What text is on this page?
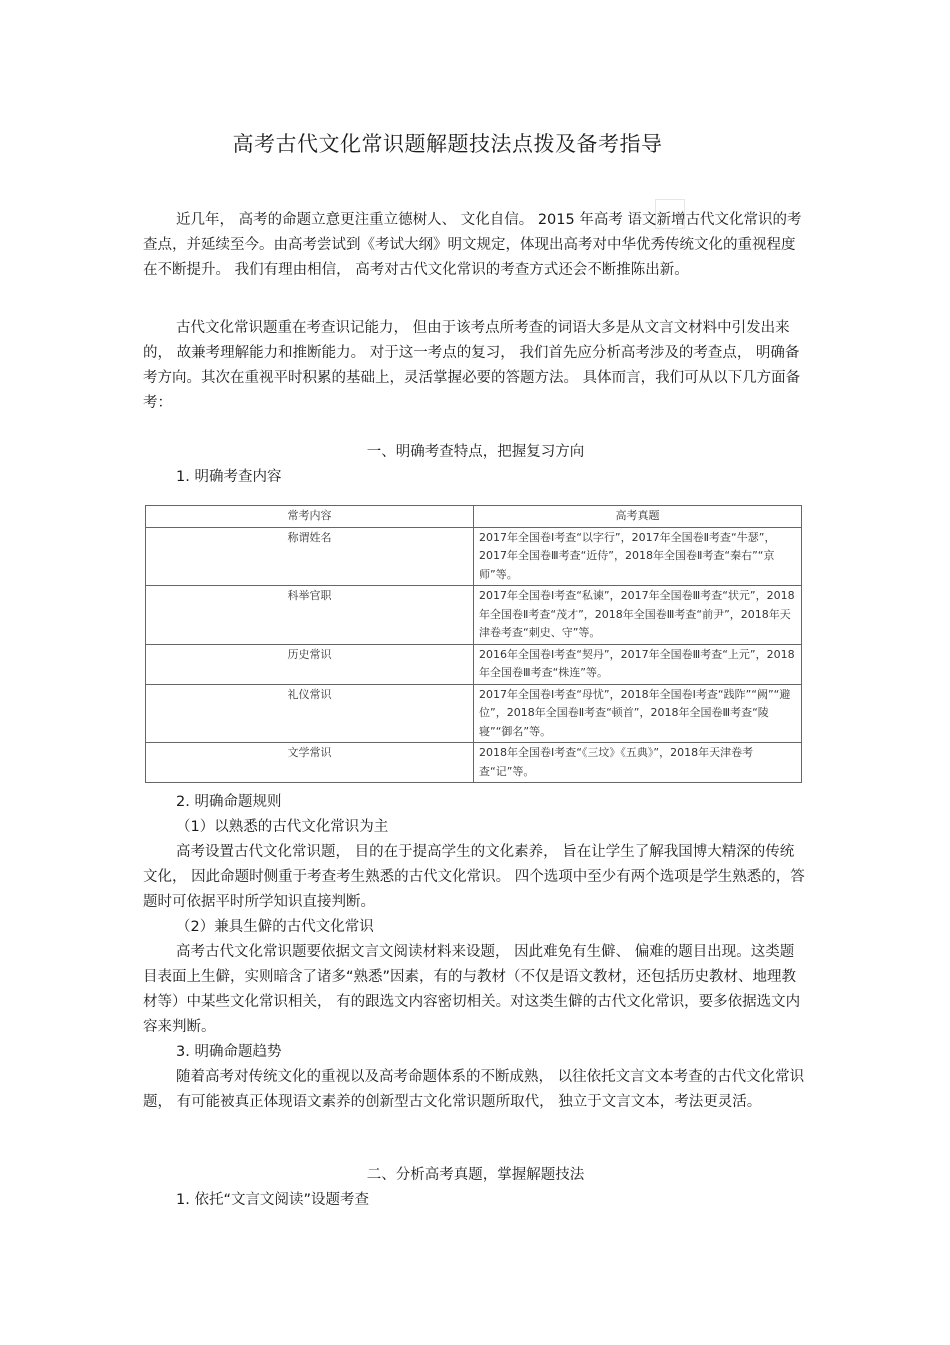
高考古代文化常识题解题技法点拨及备考指导

近几年， 高考的命题立意更注重立德树人、 文化自信。 2015 年高考 语文新增古代文化常识的考查点，并延续至今。由高考尝试到《考试大纲》明文规定，体现出高考对中华优秀传统文化的重视程度在不断提升。 我们有理由相信， 高考对古代文化常识的考查方式还会不断推陈出新。

古代文化常识题重在考查识记能力， 但由于该考点所考查的词语大多是从文言文材料中引发出来的， 故兼考理解能力和推断能力。 对于这一考点的复习， 我们首先应分析高考涉及的考查点， 明确备考方向。其次在重视平时积累的基础上，灵活掌握必要的答题方法。 具体而言，我们可从以下几方面备考：

一、明确考查特点，把握复习方向

1. 明确考查内容

常考内容	高考真题
称谓姓名	2017年全国卷Ⅰ考查“以字行”，2017年全国卷Ⅱ考查“牛瑟”，2017年全国卷Ⅲ考查“近侍”，2018年全国卷Ⅱ考查“秦右”“京师”等。
科举官职	2017年全国卷Ⅰ考查“私谏”，2017年全国卷Ⅲ考查“状元”，2018年全国卷Ⅱ考查“茂才”，2018年全国卷Ⅲ考查“前尹”，2018年天津卷考查“刺史、守”等。
历史常识	2016年全国卷Ⅰ考查“契丹”，2017年全国卷Ⅲ考查“上元”，2018年全国卷Ⅲ考查“株连”等。
礼仪常识	2017年全国卷Ⅰ考查“母忧”，2018年全国卷Ⅰ考查“践阼”“阙”“避位”，2018年全国卷Ⅱ考查“顿首”，2018年全国卷Ⅲ考查“陵寝”“御名”等。
文学常识	2018年全国卷Ⅰ考查“《三坟》《五典》”，2018年天津卷考查“记”等。

2. 明确命题规则

（1）以熟悉的古代文化常识为主

高考设置古代文化常识题， 目的在于提高学生的文化素养， 旨在让学生了解我国博大精深的传统文化， 因此命题时侧重于考查考生熟悉的古代文化常识。 四个选项中至少有两个选项是学生熟悉的，答题时可依据平时所学知识直接判断。

（2）兼具生僻的古代文化常识

高考古代文化常识题要依据文言文阅读材料来设题， 因此难免有生僻、 偏难的题目出现。这类题目表面上生僻，实则暗含了诸多“熟悉”因素，有的与教材（不仅是语文教材，还包括历史教材、地理教材等）中某些文化常识相关， 有的跟选文内容密切相关。对这类生僻的古代文化常识，要多依据选文内容来判断。

3. 明确命题趋势

随着高考对传统文化的重视以及高考命题体系的不断成熟， 以往依托文言文本考查的古代文化常识题， 有可能被真正体现语文素养的创新型古文化常识题所取代， 独立于文言文本，考法更灵活。

二、分析高考真题，掌握解题技法

1. 依托“文言文阅读”设题考查
